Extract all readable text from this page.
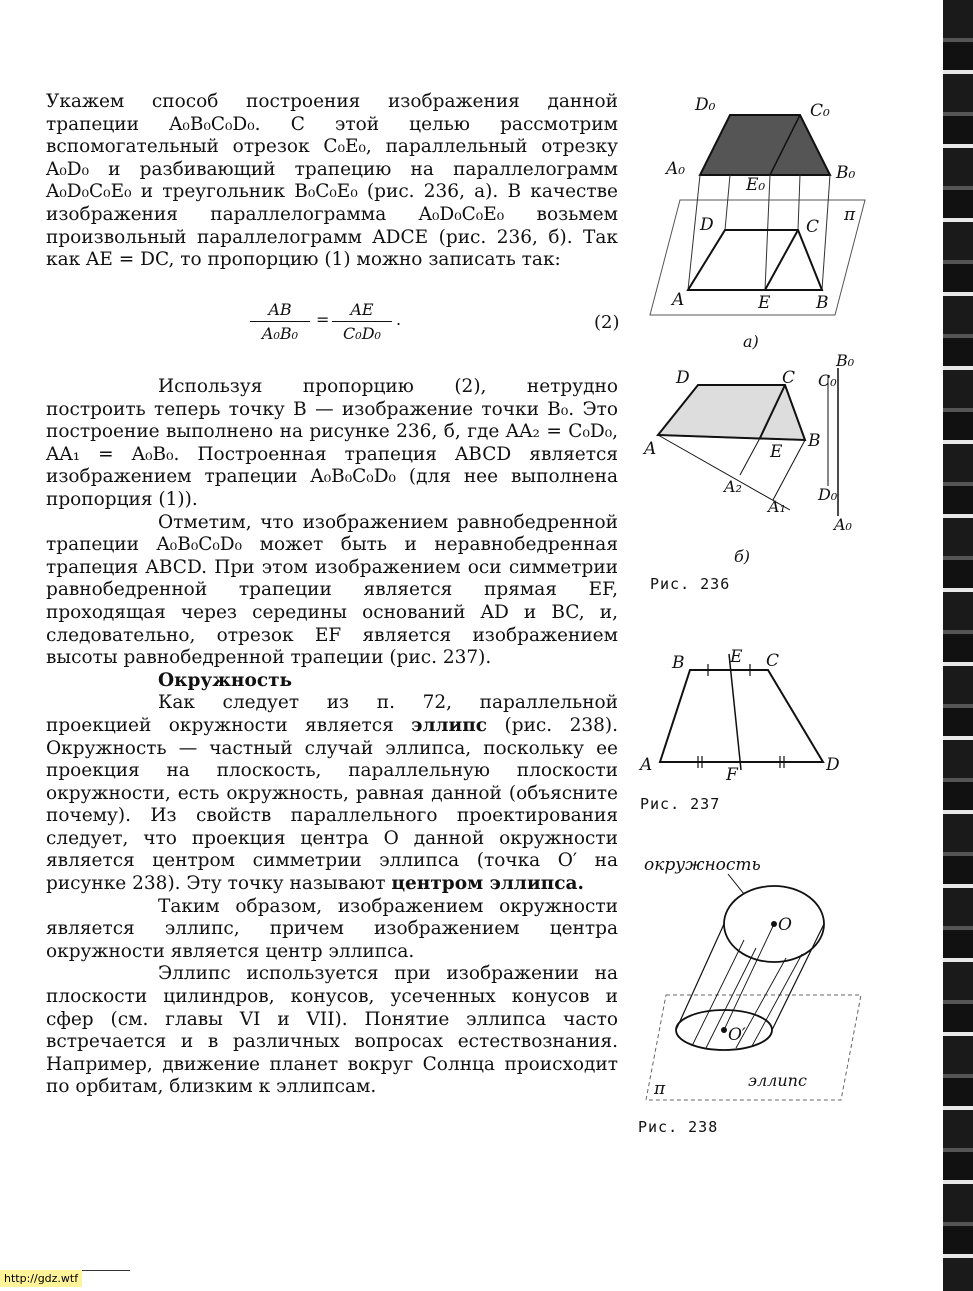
Укажем способ построения изображения данной трапеции A₀B₀C₀D₀. С этой целью рассмотрим вспомогательный отрезок C₀E₀, параллельный отрезку A₀D₀ и разбивающий трапецию на параллелограмм A₀D₀C₀E₀ и треугольник B₀C₀E₀ (рис. 236, а). В качестве изображения параллелограмма A₀D₀C₀E₀ возьмем произвольный параллелограмм ADCE (рис. 236, б). Так как AE = DC, то пропорцию (1) можно записать так:

$\frac{AB}{\text{A₀B₀}} = \frac{AE}{\text{C₀D₀}}$ .	(2)

Используя пропорцию (2), нетрудно построить теперь точку B — изображение точки B₀. Это построение выполнено на рисунке 236, б, где AA₂ = C₀D₀, AA₁ = A₀B₀. Построенная трапеция ABCD является изображением трапеции A₀B₀C₀D₀ (для нее выполнена пропорция (1)).

Отметим, что изображением равнобедренной трапеции A₀B₀C₀D₀ может быть и неравнобедренная трапеция ABCD. При этом изображением оси симметрии равнобедренной трапеции является прямая EF, проходящая через середины оснований AD и BC, и, следовательно, отрезок EF является изображением высоты равнобедренной трапеции (рис. 237).

Окружность

Как следует из п. 72, параллельной проекцией окружности является эллипс (рис. 238). Окружность — частный случай эллипса, поскольку ее проекция на плоскость, параллельную плоскости окружности, есть окружность, равная данной (объясните почему). Из свойств параллельного проектирования следует, что проекция центра O данной окружности является центром симметрии эллипса (точка O′ на рисунке 238). Эту точку называют центром эллипса.

Таким образом, изображением окружности является эллипс, причем изображением центра окружности является центр эллипса.

Эллипс используется при изображении на плоскости цилиндров, конусов, усеченных конусов и сфер (см. главы VI и VII). Понятие эллипса часто встречается и в различных вопросах естествознания. Например, движение планет вокруг Солнца происходит по орбитам, близким к эллипсам.

D₀	C₀
A₀	B₀
E₀
D	C
π
A	E	B
а)
D	C
A	E
B
A₂
A₁
B₀
C₀
D₀
A₀
б)
Рис. 236
B	E C
A	F	D
Рис. 237
окружность
O
O′
эллипс
π
Рис. 238
http://gdz.wtf
